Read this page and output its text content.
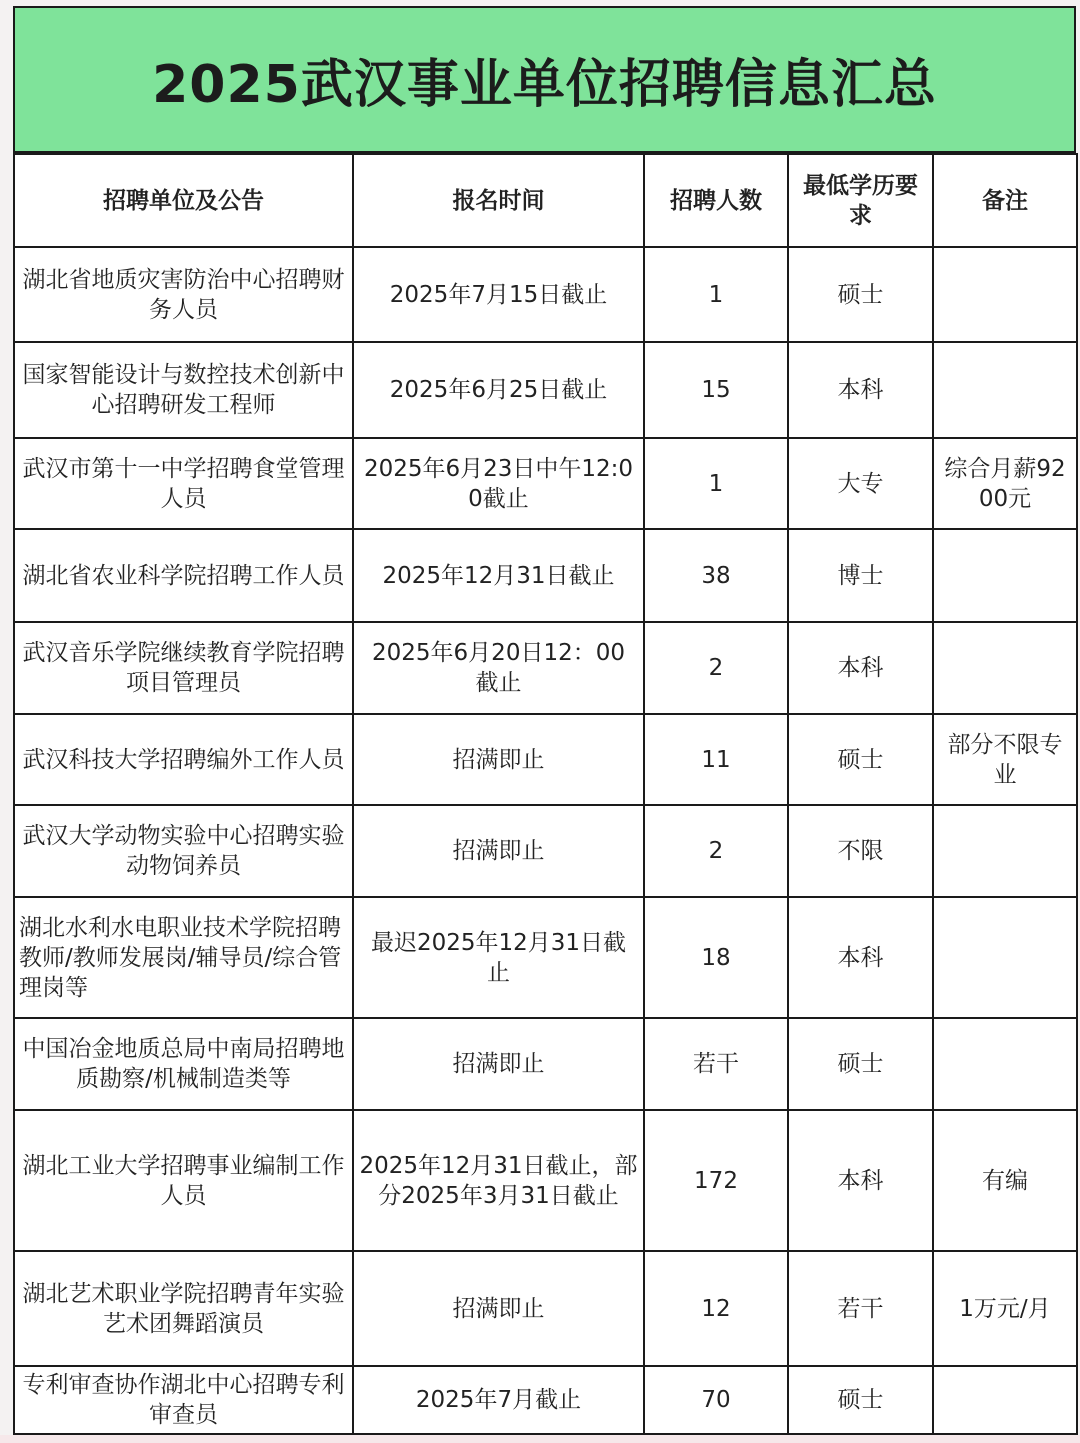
2025武汉事业单位招聘信息汇总
招聘单位及公告	报名时间	招聘人数	最低学历要求	备注
湖北省地质灾害防治中心招聘财务人员	2025年7月15日截止	1	硕士	
国家智能设计与数控技术创新中心招聘研发工程师	2025年6月25日截止	15	本科	
武汉市第十一中学招聘食堂管理人员	2025年6月23日中午12:00截止	1	大专	综合月薪9200元
湖北省农业科学院招聘工作人员	2025年12月31日截止	38	博士	
武汉音乐学院继续教育学院招聘项目管理员	2025年6月20日12：00截止	2	本科	
武汉科技大学招聘编外工作人员	招满即止	11	硕士	部分不限专业
武汉大学动物实验中心招聘实验动物饲养员	招满即止	2	不限	
湖北水利水电职业技术学院招聘教师/教师发展岗/辅导员/综合管理岗等	最迟2025年12月31日截止	18	本科	
中国冶金地质总局中南局招聘地质勘察/机械制造类等	招满即止	若干	硕士	
湖北工业大学招聘事业编制工作人员	2025年12月31日截止，部分2025年3月31日截止	172	本科	有编
湖北艺术职业学院招聘青年实验艺术团舞蹈演员	招满即止	12	若干	1万元/月
专利审查协作湖北中心招聘专利审查员	2025年7月截止	70	硕士	
